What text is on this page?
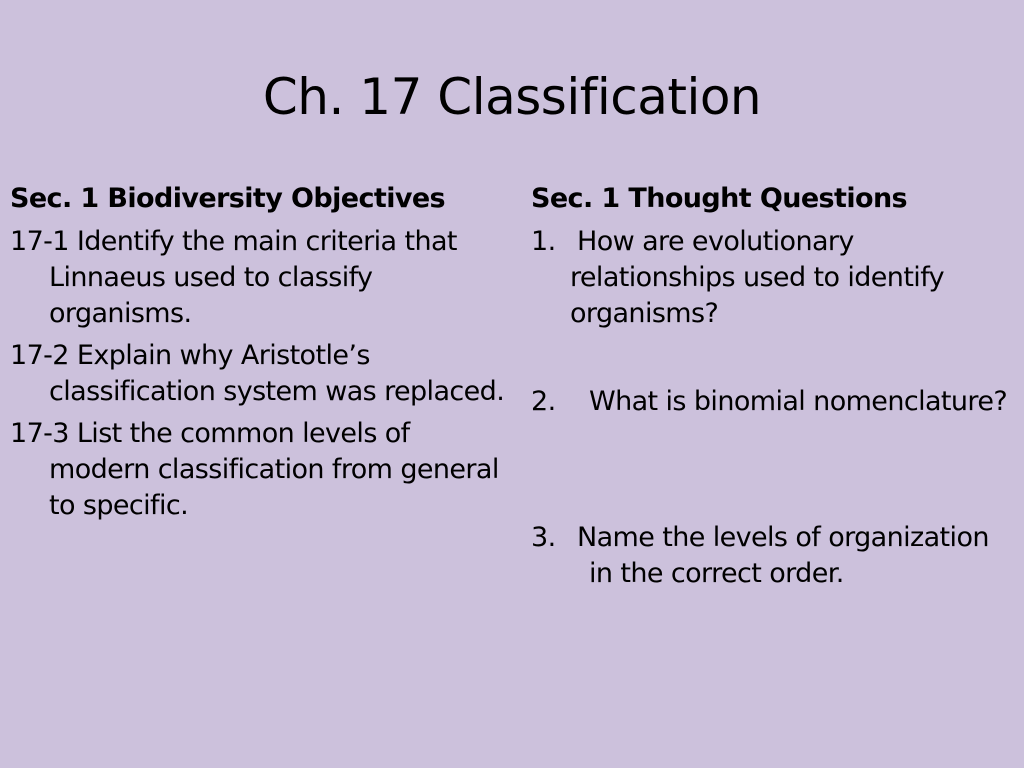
Ch. 17 Classification
Sec. 1 Biodiversity Objectives
17-1 Identify the main criteria that Linnaeus used to classify organisms.
17-2 Explain why Aristotle’s classification system was replaced.
17-3 List the common levels of modern classification from general to specific.
Sec. 1 Thought Questions
1. How are evolutionary relationships used to identify organisms?
2. What is binomial nomenclature?
3. Name the levels of organization in the correct order.
